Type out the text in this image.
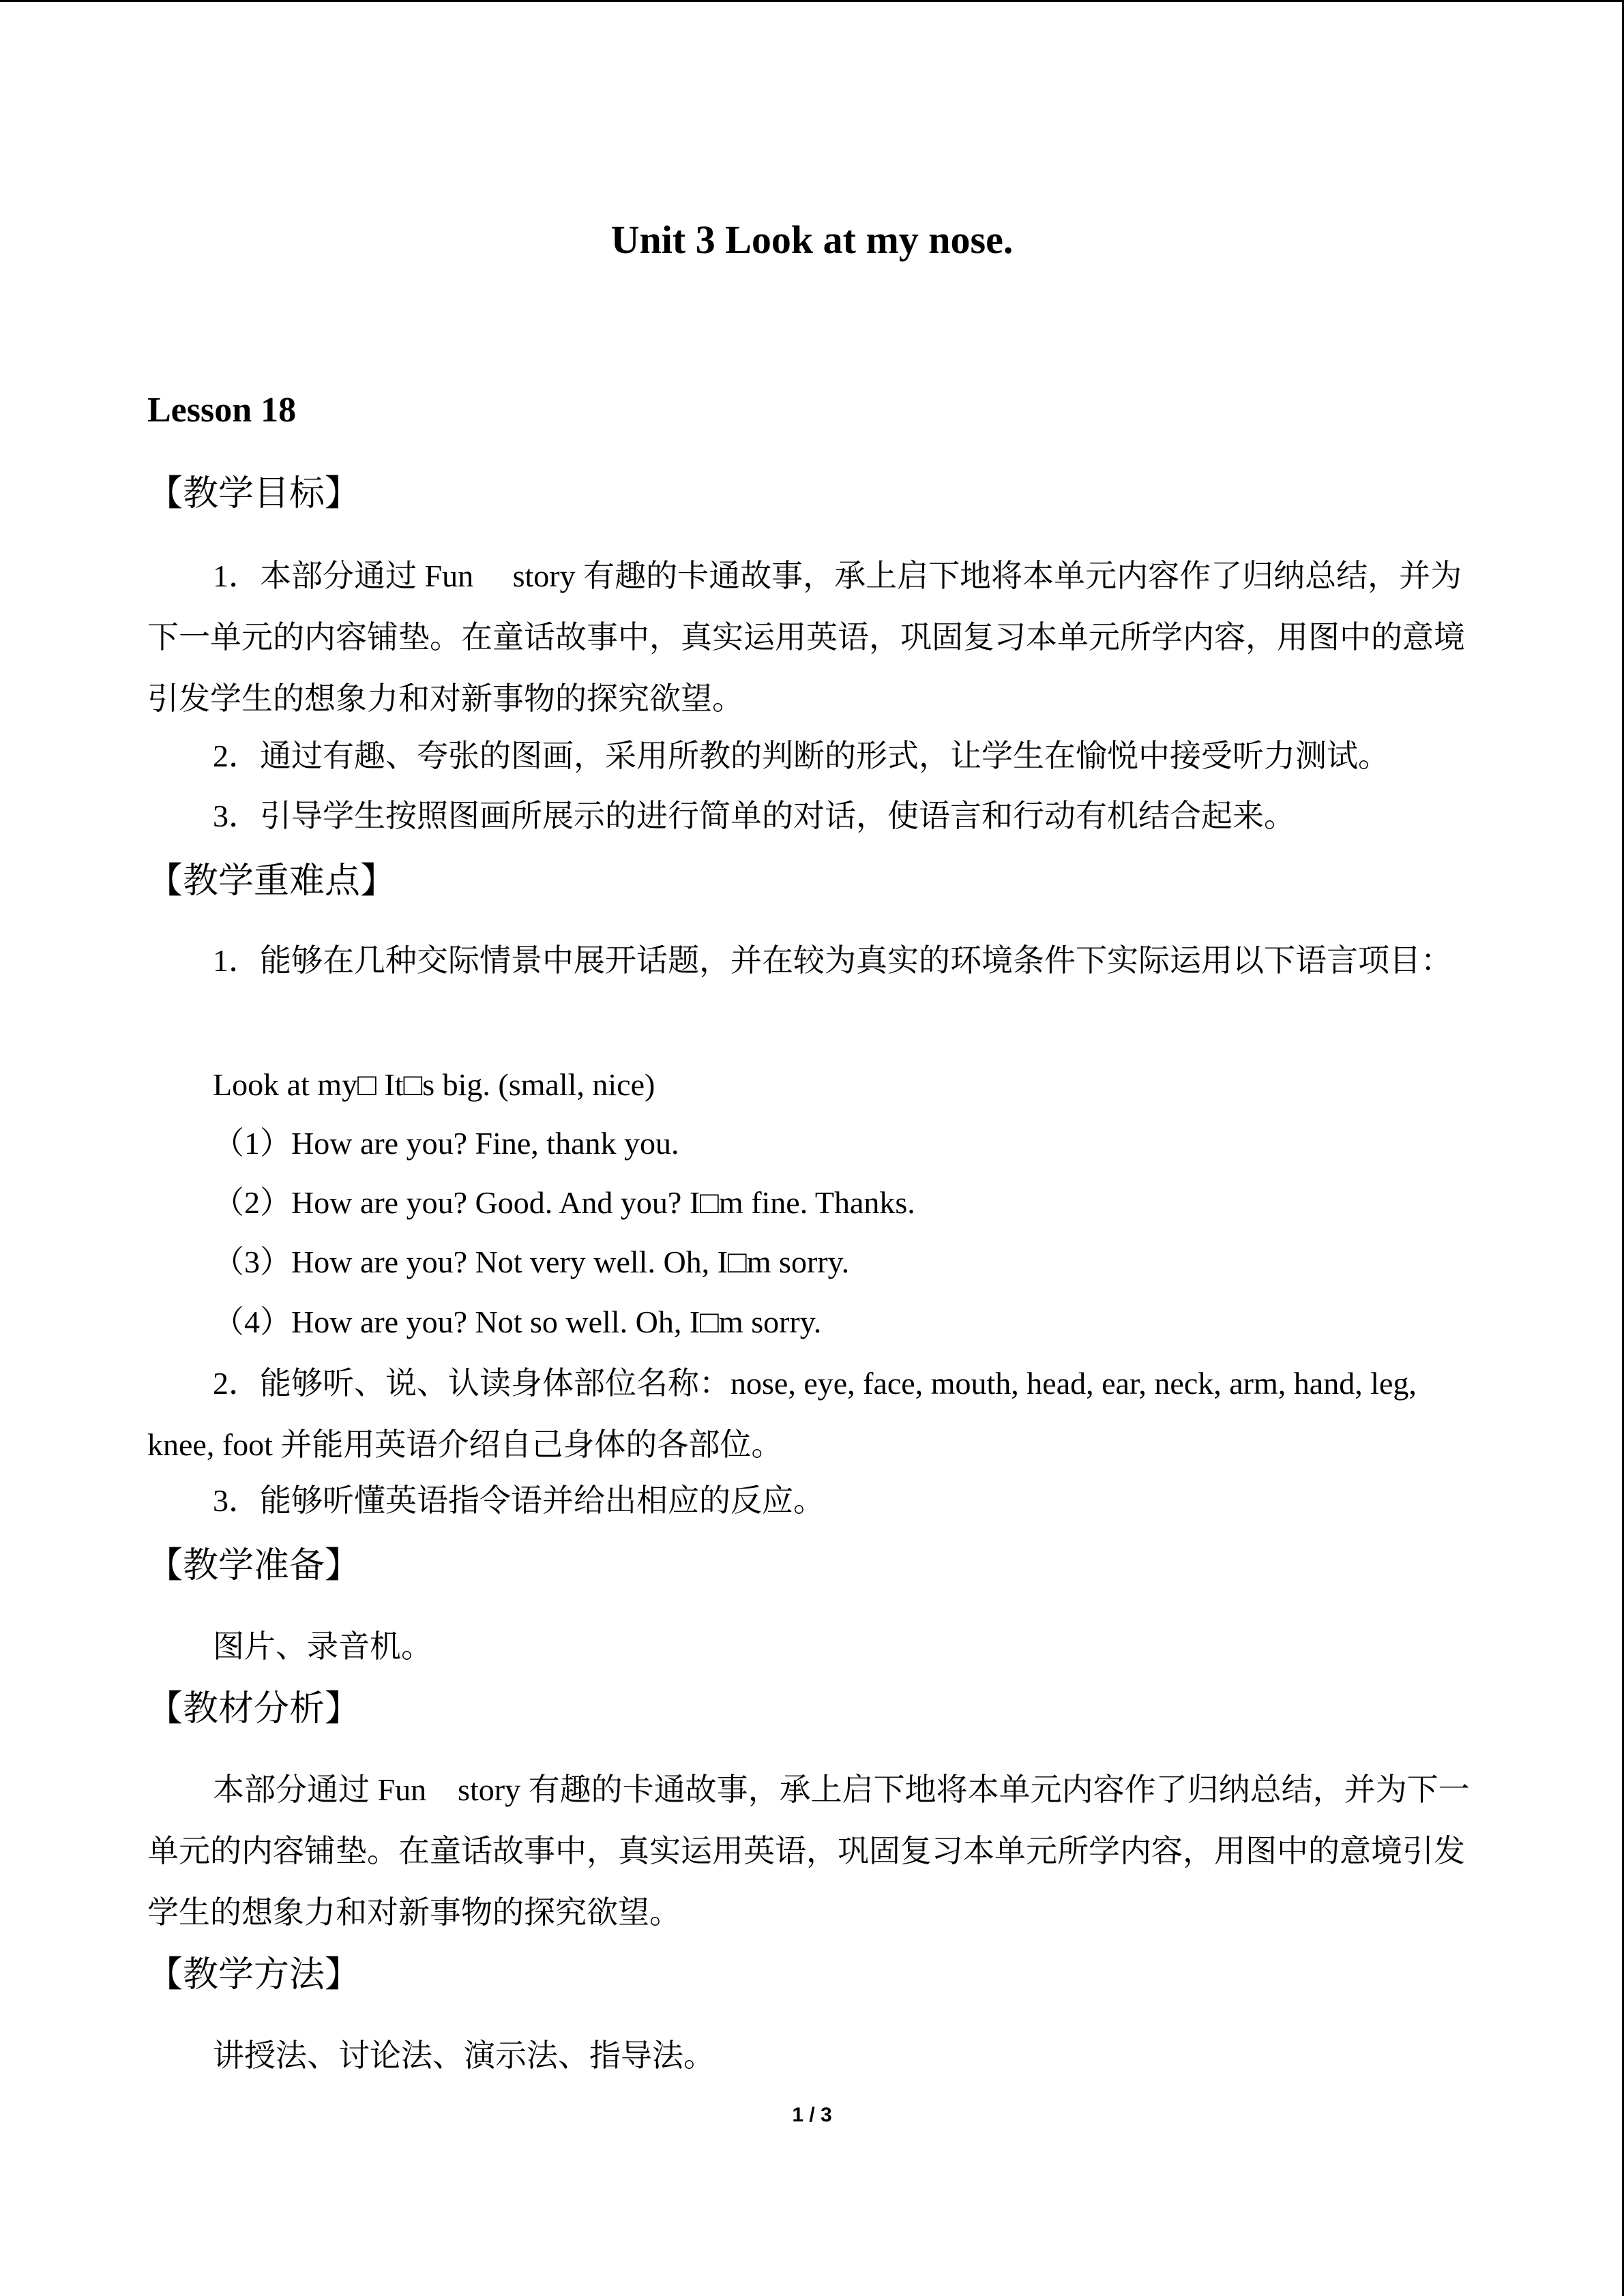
Unit 3 Look at my nose.
Lesson 18
【教学目标】
1．本部分通过 Fun　 story 有趣的卡通故事，承上启下地将本单元内容作了归纳总结，并为下一单元的内容铺垫。在童话故事中，真实运用英语，巩固复习本单元所学内容，用图中的意境引发学生的想象力和对新事物的探究欲望。
2．通过有趣、夸张的图画，采用所教的判断的形式，让学生在愉悦中接受听力测试。
3．引导学生按照图画所展示的进行简单的对话，使语言和行动有机结合起来。
【教学重难点】
1．能够在几种交际情景中展开话题，并在较为真实的环境条件下实际运用以下语言项目：
Look at my□ It□s big. (small, nice)
（1）How are you? Fine, thank you.
（2）How are you? Good. And you? I□m fine. Thanks.
（3）How are you? Not very well. Oh, I□m sorry.
（4）How are you? Not so well. Oh, I□m sorry.
2．能够听、说、认读身体部位名称：nose, eye, face, mouth, head, ear, neck, arm, hand, leg, knee, foot 并能用英语介绍自己身体的各部位。
3．能够听懂英语指令语并给出相应的反应。
【教学准备】
图片、录音机。
【教材分析】
本部分通过 Fun　story 有趣的卡通故事，承上启下地将本单元内容作了归纳总结，并为下一单元的内容铺垫。在童话故事中，真实运用英语，巩固复习本单元所学内容，用图中的意境引发学生的想象力和对新事物的探究欲望。
【教学方法】
讲授法、讨论法、演示法、指导法。
1 / 3
